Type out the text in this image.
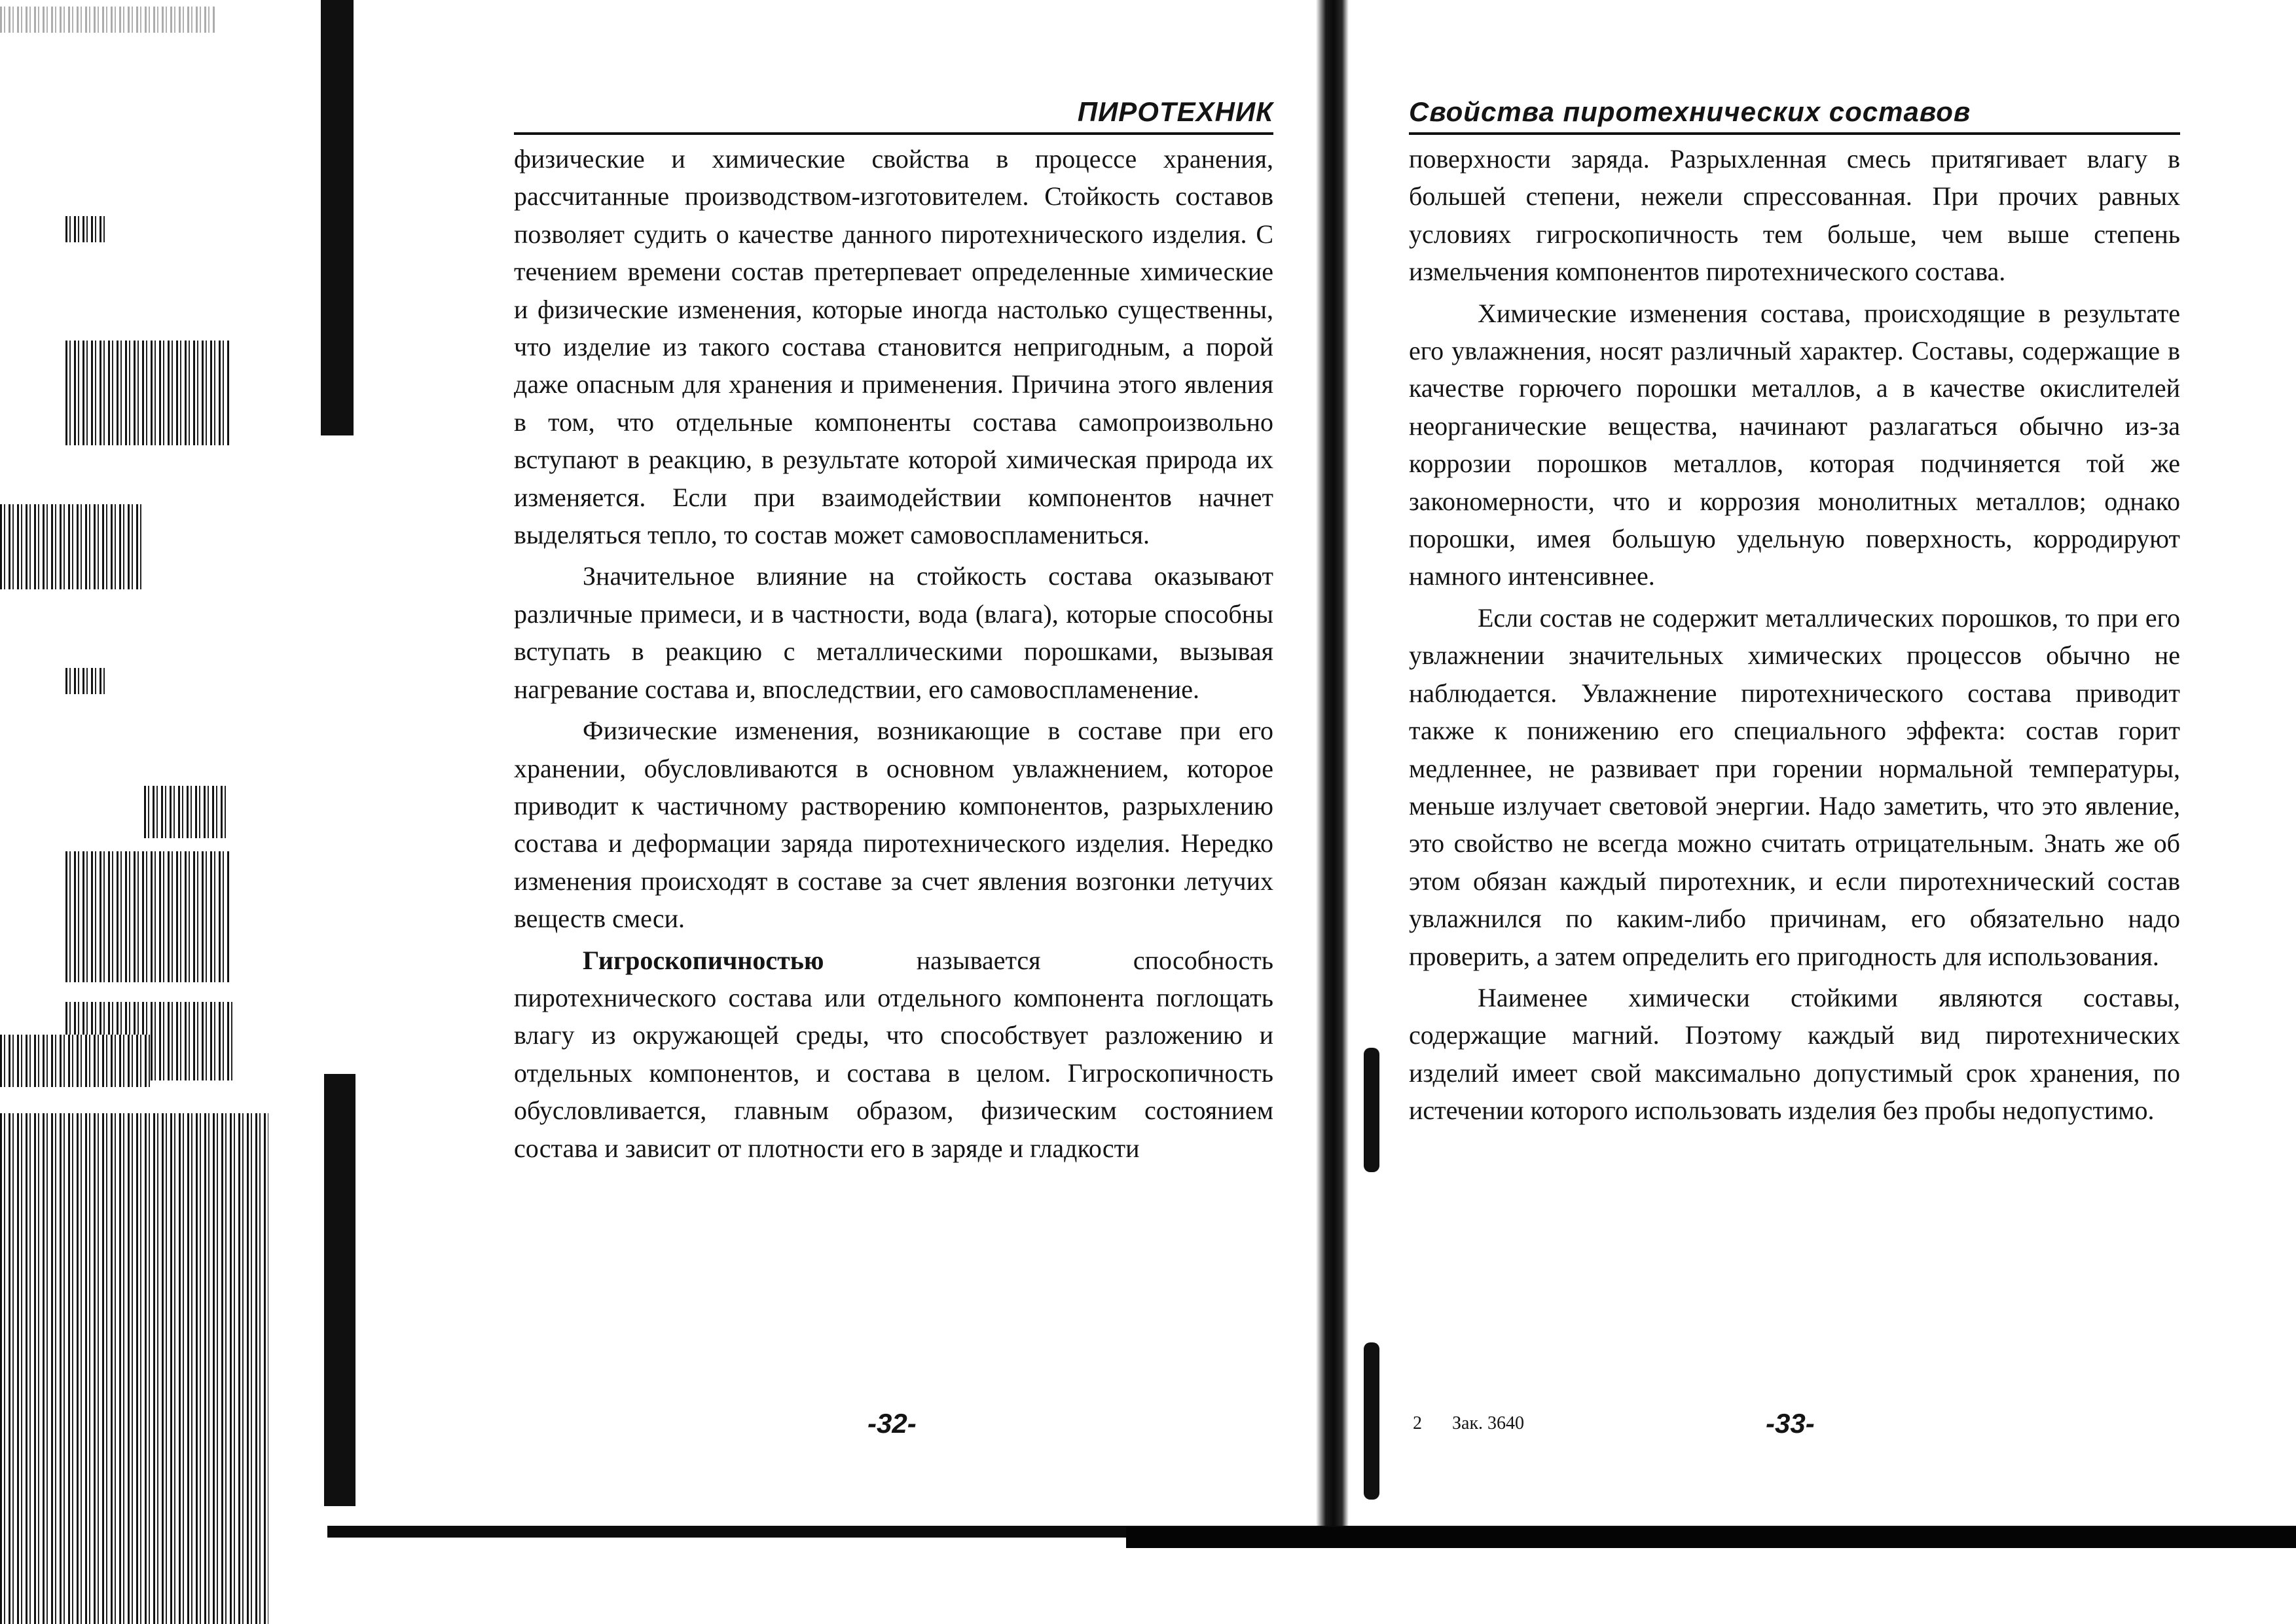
ПИРОТЕХНИК

физические и химические свойства в процессе хранения, рассчитанные производством-изготовителем. Стойкость составов позволяет судить о качестве данного пиротехнического изделия. С течением времени состав претерпевает определенные химические и физические изменения, которые иногда настолько существенны, что изделие из такого состава становится непригодным, а порой даже опасным для хранения и применения. Причина этого явления в том, что отдельные компоненты состава самопроизвольно вступают в реакцию, в результате которой химическая природа их изменяется. Если при взаимодействии компонентов начнет выделяться тепло, то состав может самовоспламениться.

Значительное влияние на стойкость состава оказывают различные примеси, и в частности, вода (влага), которые способны вступать в реакцию с металлическими порошками, вызывая нагревание состава и, впоследствии, его самовоспламенение.

Физические изменения, возникающие в составе при его хранении, обусловливаются в основном увлажнением, которое приводит к частичному растворению компонентов, разрыхлению состава и деформации заряда пиротехнического изделия. Нередко изменения происходят в составе за счет явления возгонки летучих веществ смеси.

Гигроскопичностью называется способность пиротехнического состава или отдельного компонента поглощать влагу из окружающей среды, что способствует разложению и отдельных компонентов, и состава в целом. Гигроскопичность обусловливается, главным образом, физическим состоянием состава и зависит от плотности его в заряде и гладкости

-32-
Свойства пиротехнических составов

поверхности заряда. Разрыхленная смесь притягивает влагу в большей степени, нежели спрессованная. При прочих равных условиях гигроскопичность тем больше, чем выше степень измельчения компонентов пиротехнического состава.

Химические изменения состава, происходящие в результате его увлажнения, носят различный характер. Составы, содержащие в качестве горючего порошки металлов, а в качестве окислителей неорганические вещества, начинают разлагаться обычно из-за коррозии порошков металлов, которая подчиняется той же закономерности, что и коррозия монолитных металлов; однако порошки, имея большую удельную поверхность, корродируют намного интенсивнее.

Если состав не содержит металлических порошков, то при его увлажнении значительных химических процессов обычно не наблюдается. Увлажнение пиротехнического состава приводит также к понижению его специального эффекта: состав горит медленнее, не развивает при горении нормальной температуры, меньше излучает световой энергии. Надо заметить, что это явление, это свойство не всегда можно считать отрицательным. Знать же об этом обязан каждый пиротехник, и если пиротехнический состав увлажнился по каким-либо причинам, его обязательно надо проверить, а затем определить его пригодность для использования.

Наименее химически стойкими являются составы, содержащие магний. Поэтому каждый вид пиротехнических изделий имеет свой максимально допустимый срок хранения, по истечении которого использовать изделия без пробы недопустимо.

2 Зак. 3640	-33-
